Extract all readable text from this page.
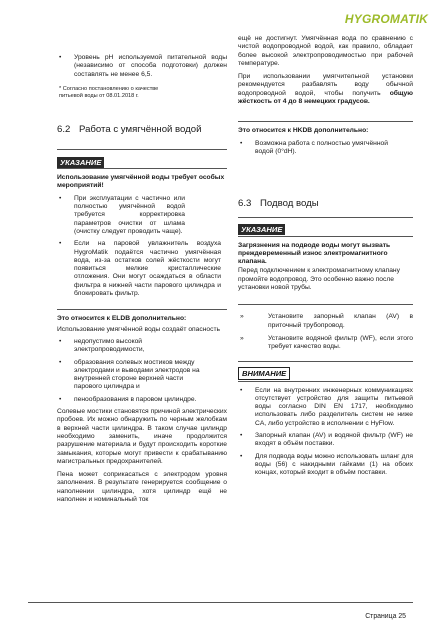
HYGROMATIK
• Уровень pH используемой питательной воды (независимо от способа подготовки) должен составлять не менее 6,5.
* Согласно постановлению о качестве питьевой воды от 08.01.2018 г.
6.2 Работа с умягчённой водой
УКАЗАНИЕ

Использование умягчённой воды требует особых мероприятий!

• При эксплуатации с частично или полностью умягчённой водой требуется корректировка параметров очистки от шлама (очистку следует проводить чаще).
• Если на паровой увлажнитель воздуха HygroMatik подаётся частично умягчённая вода, из-за остатков солей жёсткости могут появиться мелкие кристаллические отложения. Они могут осаждаться в области фильтра в нижней части парового цилиндра и блокировать фильтр.

Это относится к ELDB дополнительно:

Использование умягчённой воды создаёт опасность

• недопустимо высокой электропроводимости,
• образования солевых мостиков между электродами и выводами электродов на внутренней стороне верхней части парового цилиндра и
• пенообразования в паровом цилиндре.

Солевые мостики становятся причиной электрических пробоев. Их можно обнаружить по черным желобкам в верхней части цилиндра. В таком случае цилиндр необходимо заменить, иначе продолжится разрушение материала и будут происходить короткие замыкания, которые могут привести к срабатыванию магистральных предохранителей.

Пена может соприкасаться с электродом уровня заполнения. В результате генерируется сообщение о наполнении цилиндра, хотя цилиндр ещё не наполнен и номинальный ток

ещё не достигнут. Умягчённая вода по сравнению с чистой водопроводной водой, как правило, обладает более высокой электропроводимостью при рабочей температуре.

При использовании умягчительной установки рекомендуется разбавлять воду обычной водопроводной водой, чтобы получить общую жёсткость от 4 до 8 немецких градусов.

Это относится к HKDB дополнительно:

• Возможна работа с полностью умягчённой водой (0°dH).
6.3 Подвод воды
УКАЗАНИЕ

Загрязнения на подводе воды могут вызвать преждевременный износ электромагнитного клапана.

Перед подключением к электромагнитному клапану промойте водопровод. Это особенно важно после установки новой трубы.

» Установите запорный клапан (AV) в приточный трубопровод.
» Установите водяной фильтр (WF), если этого требует качество воды.
ВНИМАНИЕ
• Если на внутренних инженерных коммуникациях отсутствует устройство для защиты питьевой воды согласно DIN EN 1717, необходимо использовать либо разделитель систем не ниже CA, либо устройство в исполнении с HyFlow.
• Запорный клапан (AV) и водяной фильтр (WF) не входят в объём поставки.
• Для подвода воды можно использовать шланг для воды (56) с накидными гайками (1) на обоих концах, который входит в объём поставки.
Страница 25
